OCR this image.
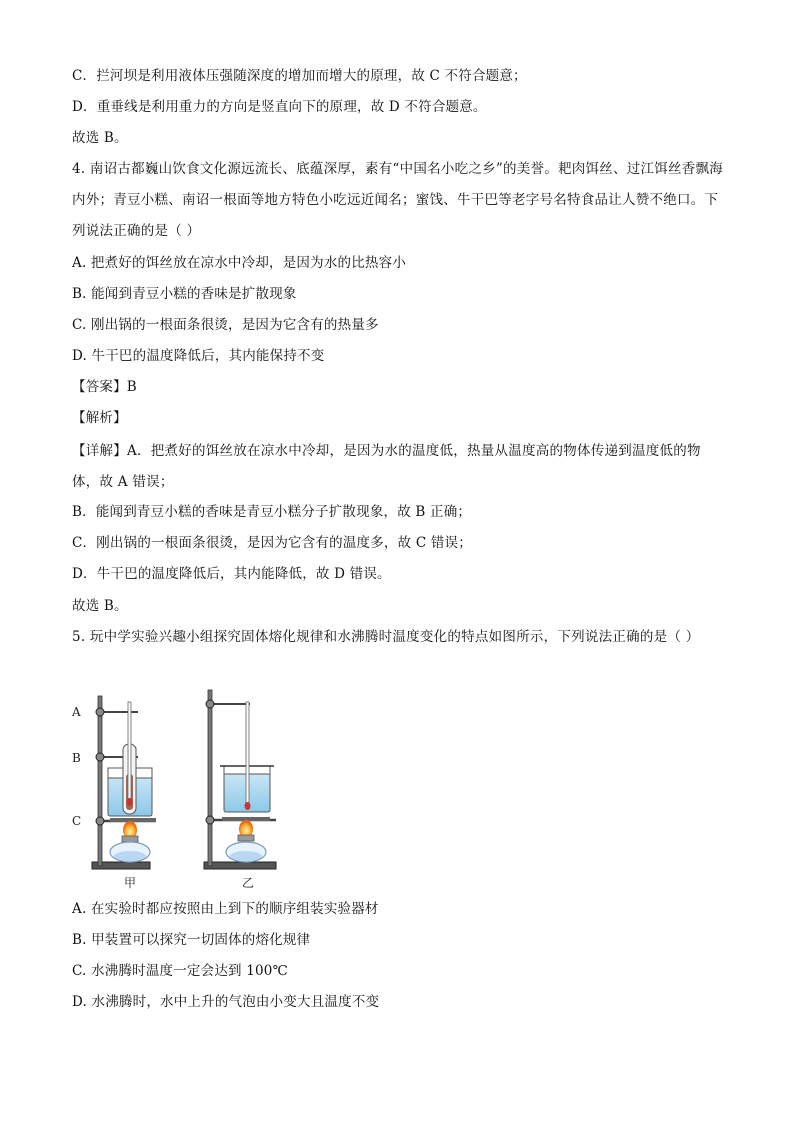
C．拦河坝是利用液体压强随深度的增加而增大的原理，故 C 不符合题意；
D．重垂线是利用重力的方向是竖直向下的原理，故 D 不符合题意。
故选 B。
4. 南诏古都巍山饮食文化源远流长、底蕴深厚，素有“中国名小吃之乡”的美誉。耙肉饵丝、过江饵丝香飘海内外；青豆小糕、南诏一根面等地方特色小吃远近闻名；蜜饯、牛干巴等老字号名特食品让人赞不绝口。下列说法正确的是（ ）
A. 把煮好的饵丝放在凉水中冷却，是因为水的比热容小
B. 能闻到青豆小糕的香味是扩散现象
C. 刚出锅的一根面条很烫，是因为它含有的热量多
D. 牛干巴的温度降低后，其内能保持不变
【答案】B
【解析】
【详解】A．把煮好的饵丝放在凉水中冷却，是因为水的温度低，热量从温度高的物体传递到温度低的物体，故 A 错误；
B．能闻到青豆小糕的香味是青豆小糕分子扩散现象，故 B 正确；
C．刚出锅的一根面条很烫，是因为它含有的温度多，故 C 错误；
D．牛干巴的温度降低后，其内能降低，故 D 错误。
故选 B。
5. 玩中学实验兴趣小组探究固体熔化规律和水沸腾时温度变化的特点如图所示，下列说法正确的是（ ）
A
B
C
甲	乙
A. 在实验时都应按照由上到下的顺序组装实验器材
B. 甲装置可以探究一切固体的熔化规律
C. 水沸腾时温度一定会达到 100℃
D. 水沸腾时，水中上升的气泡由小变大且温度不变
